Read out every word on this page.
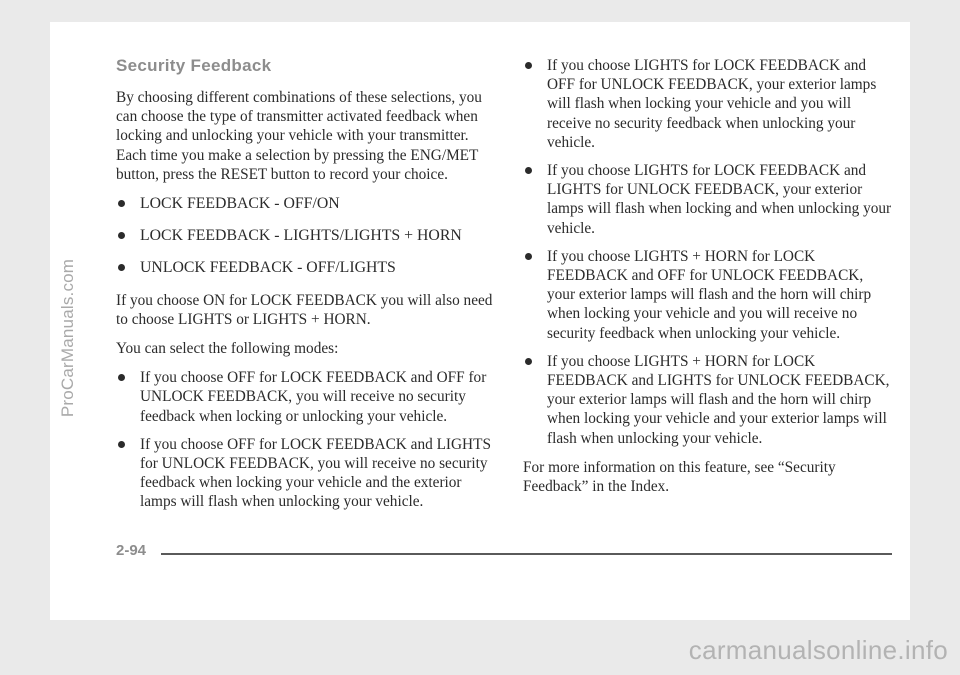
ProCarManuals.com
Security Feedback

By choosing different combinations of these selections, you can choose the type of transmitter activated feedback when locking and unlocking your vehicle with your transmitter. Each time you make a selection by pressing the ENG/MET button, press the RESET button to record your choice.

LOCK FEEDBACK - OFF/ON
LOCK FEEDBACK - LIGHTS/LIGHTS + HORN
UNLOCK FEEDBACK - OFF/LIGHTS

If you choose ON for LOCK FEEDBACK you will also need to choose LIGHTS or LIGHTS + HORN.

You can select the following modes:

If you choose OFF for LOCK FEEDBACK and OFF for UNLOCK FEEDBACK, you will receive no security feedback when locking or unlocking your vehicle.
If you choose OFF for LOCK FEEDBACK and LIGHTS for UNLOCK FEEDBACK, you will receive no security feedback when locking your vehicle and the exterior lamps will flash when unlocking your vehicle.
If you choose LIGHTS for LOCK FEEDBACK and OFF for UNLOCK FEEDBACK, your exterior lamps will flash when locking your vehicle and you will receive no security feedback when unlocking your vehicle.
If you choose LIGHTS for LOCK FEEDBACK and LIGHTS for UNLOCK FEEDBACK, your exterior lamps will flash when locking and when unlocking your vehicle.
If you choose LIGHTS + HORN for LOCK FEEDBACK and OFF for UNLOCK FEEDBACK, your exterior lamps will flash and the horn will chirp when locking your vehicle and you will receive no security feedback when unlocking your vehicle.
If you choose LIGHTS + HORN for LOCK FEEDBACK and LIGHTS for UNLOCK FEEDBACK, your exterior lamps will flash and the horn will chirp when locking your vehicle and your exterior lamps will flash when unlocking your vehicle.

For more information on this feature, see “Security Feedback” in the Index.

2-94
carmanualsonline.info
